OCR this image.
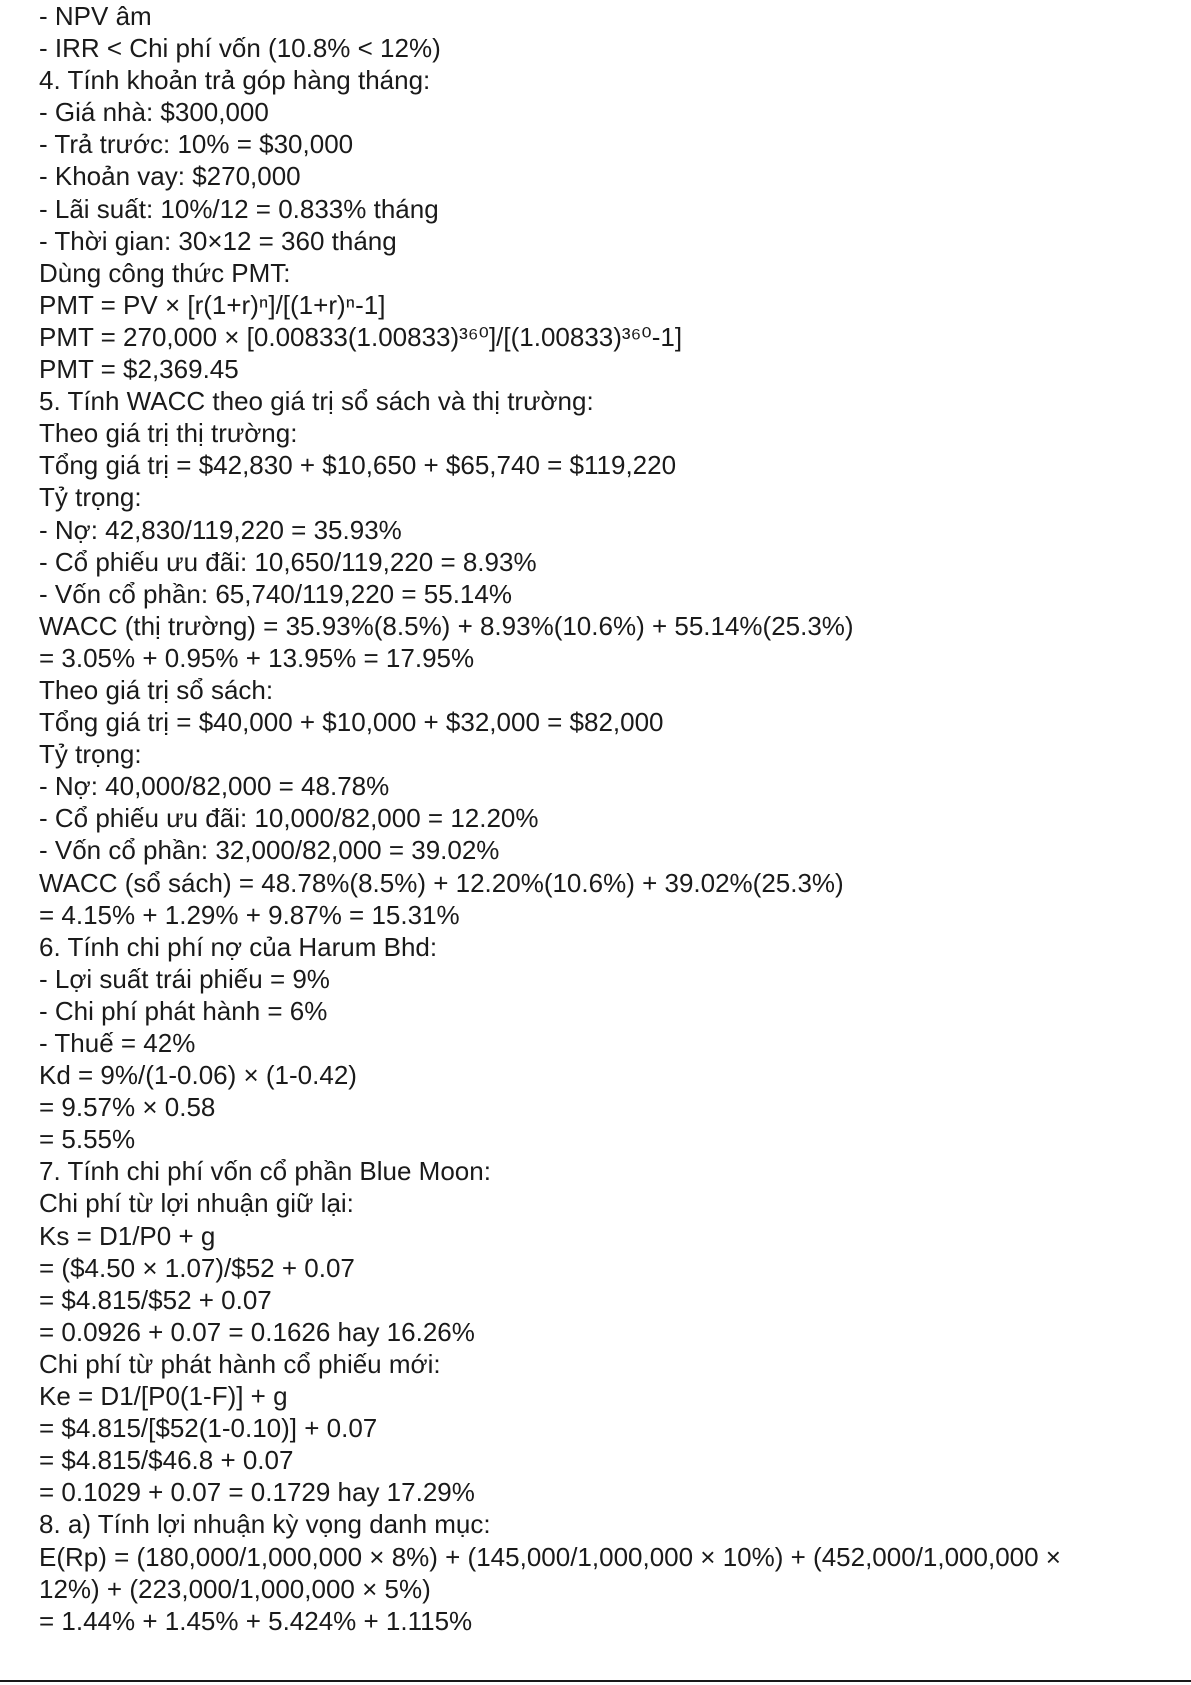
- NPV âm

- IRR < Chi phí vốn (10.8% < 12%)

4. Tính khoản trả góp hàng tháng:

- Giá nhà: $300,000

- Trả trước: 10% = $30,000

- Khoản vay: $270,000

- Lãi suất: 10%/12 = 0.833% tháng

- Thời gian: 30×12 = 360 tháng

Dùng công thức PMT:

PMT = PV × [r(1+r)ⁿ]/[(1+r)ⁿ-1]

PMT = 270,000 × [0.00833(1.00833)³⁶⁰]/[(1.00833)³⁶⁰-1]

PMT = $2,369.45

5. Tính WACC theo giá trị sổ sách và thị trường:

Theo giá trị thị trường:

Tổng giá trị = $42,830 + $10,650 + $65,740 = $119,220

Tỷ trọng:

- Nợ: 42,830/119,220 = 35.93%

- Cổ phiếu ưu đãi: 10,650/119,220 = 8.93%

- Vốn cổ phần: 65,740/119,220 = 55.14%

WACC (thị trường) = 35.93%(8.5%) + 8.93%(10.6%) + 55.14%(25.3%)

= 3.05% + 0.95% + 13.95% = 17.95%

Theo giá trị sổ sách:

Tổng giá trị = $40,000 + $10,000 + $32,000 = $82,000

Tỷ trọng:

- Nợ: 40,000/82,000 = 48.78%

- Cổ phiếu ưu đãi: 10,000/82,000 = 12.20%

- Vốn cổ phần: 32,000/82,000 = 39.02%

WACC (sổ sách) = 48.78%(8.5%) + 12.20%(10.6%) + 39.02%(25.3%)

= 4.15% + 1.29% + 9.87% = 15.31%

6. Tính chi phí nợ của Harum Bhd:

- Lợi suất trái phiếu = 9%

- Chi phí phát hành = 6%

- Thuế = 42%

Kd = 9%/(1-0.06) × (1-0.42)

= 9.57% × 0.58

= 5.55%

7. Tính chi phí vốn cổ phần Blue Moon:

Chi phí từ lợi nhuận giữ lại:

Ks = D1/P0 + g

= ($4.50 × 1.07)/$52 + 0.07

= $4.815/$52 + 0.07

= 0.0926 + 0.07 = 0.1626 hay 16.26%

Chi phí từ phát hành cổ phiếu mới:

Ke = D1/[P0(1-F)] + g

= $4.815/[$52(1-0.10)] + 0.07

= $4.815/$46.8 + 0.07

= 0.1029 + 0.07 = 0.1729 hay 17.29%

8. a) Tính lợi nhuận kỳ vọng danh mục:

E(Rp) = (180,000/1,000,000 × 8%) + (145,000/1,000,000 × 10%) + (452,000/1,000,000 ×

12%) + (223,000/1,000,000 × 5%)

= 1.44% + 1.45% + 5.424% + 1.115%
